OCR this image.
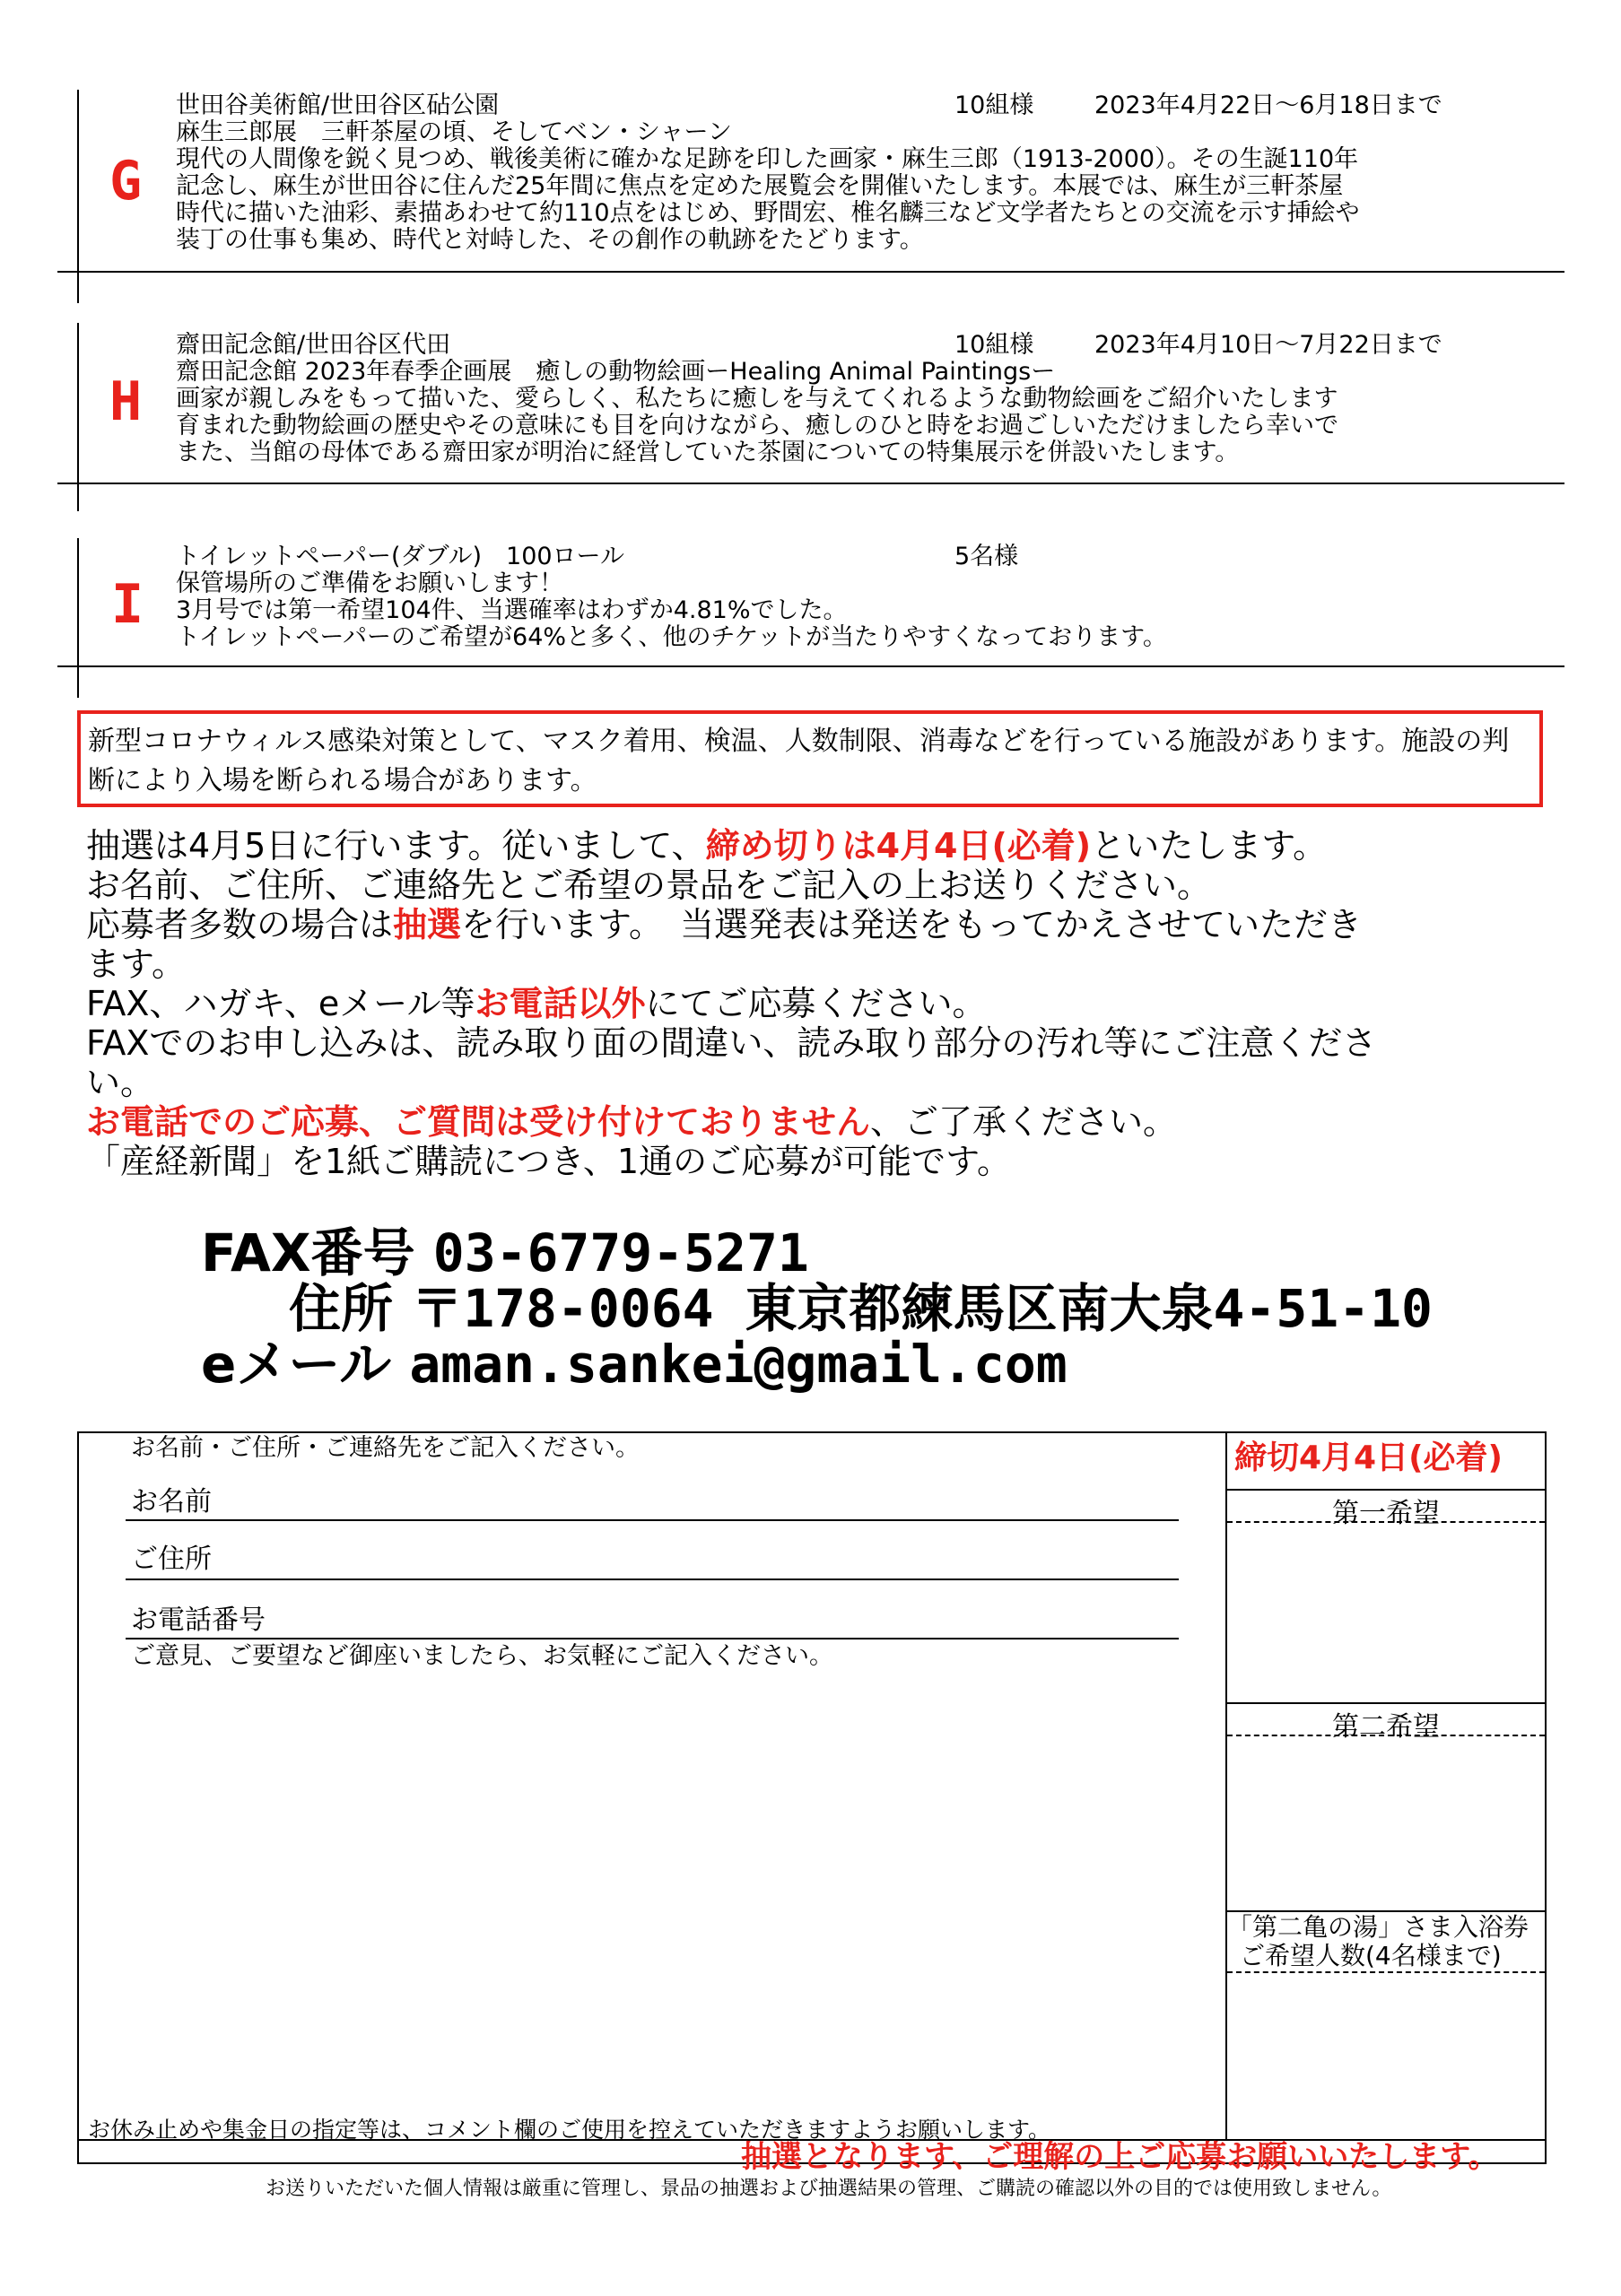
G
世田谷美術館/世田谷区砧公園	10組様	2023年4月22日～6月18日まで
麻生三郎展　三軒茶屋の頃、そしてベン・シャーン
現代の人間像を鋭く見つめ、戦後美術に確かな足跡を印した画家・麻生三郎（1913-2000）。その生誕110年
記念し、麻生が世田谷に住んだ25年間に焦点を定めた展覧会を開催いたします。本展では、麻生が三軒茶屋
時代に描いた油彩、素描あわせて約110点をはじめ、野間宏、椎名麟三など文学者たちとの交流を示す挿絵や
装丁の仕事も集め、時代と対峙した、その創作の軌跡をたどります。
H
齋田記念館/世田谷区代田	10組様	2023年4月10日～7月22日まで
齋田記念館 2023年春季企画展　癒しの動物絵画ーHealing Animal Paintingsー
画家が親しみをもって描いた、愛らしく、私たちに癒しを与えてくれるような動物絵画をご紹介いたします
育まれた動物絵画の歴史やその意味にも目を向けながら、癒しのひと時をお過ごしいただけましたら幸いで
また、当館の母体である齋田家が明治に経営していた茶園についての特集展示を併設いたします。
I
トイレットペーパー(ダブル)　100ロール	5名様
保管場所のご準備をお願いします！
3月号では第一希望104件、当選確率はわずか4.81%でした。
トイレットペーパーのご希望が64%と多く、他のチケットが当たりやすくなっております。
新型コロナウィルス感染対策として、マスク着用、検温、人数制限、消毒などを行っている施設があります。施設の判断により入場を断られる場合があります。
抽選は4月5日に行います。従いまして、締め切りは4月4日(必着)といたします。
お名前、ご住所、ご連絡先とご希望の景品をご記入の上お送りください。
応募者多数の場合は抽選を行います。　当選発表は発送をもってかえさせていただき
ます。
FAX、ハガキ、eメール等お電話以外にてご応募ください。
FAXでのお申し込みは、読み取り面の間違い、読み取り部分の汚れ等にご注意くださ
い。
お電話でのご応募、ご質問は受け付けておりません、ご了承ください。
「産経新聞」を1紙ご購読につき、1通のご応募が可能です。
FAX番号 03-6779-5271
住所 〒178-0064 東京都練馬区南大泉4-51-10
eメール aman.sankei@gmail.com
お名前・ご住所・ご連絡先をご記入ください。
お名前
ご住所
お電話番号
ご意見、ご要望など御座いましたら、お気軽にご記入ください。
お休み止めや集金日の指定等は、コメント欄のご使用を控えていただきますようお願いします。
締切4月4日(必着)
第一希望
第二希望
「第二亀の湯」さま入浴券
ご希望人数(4名様まで)
抽選となります、ご理解の上ご応募お願いいたします。
お送りいただいた個人情報は厳重に管理し、景品の抽選および抽選結果の管理、ご購読の確認以外の目的では使用致しません。
